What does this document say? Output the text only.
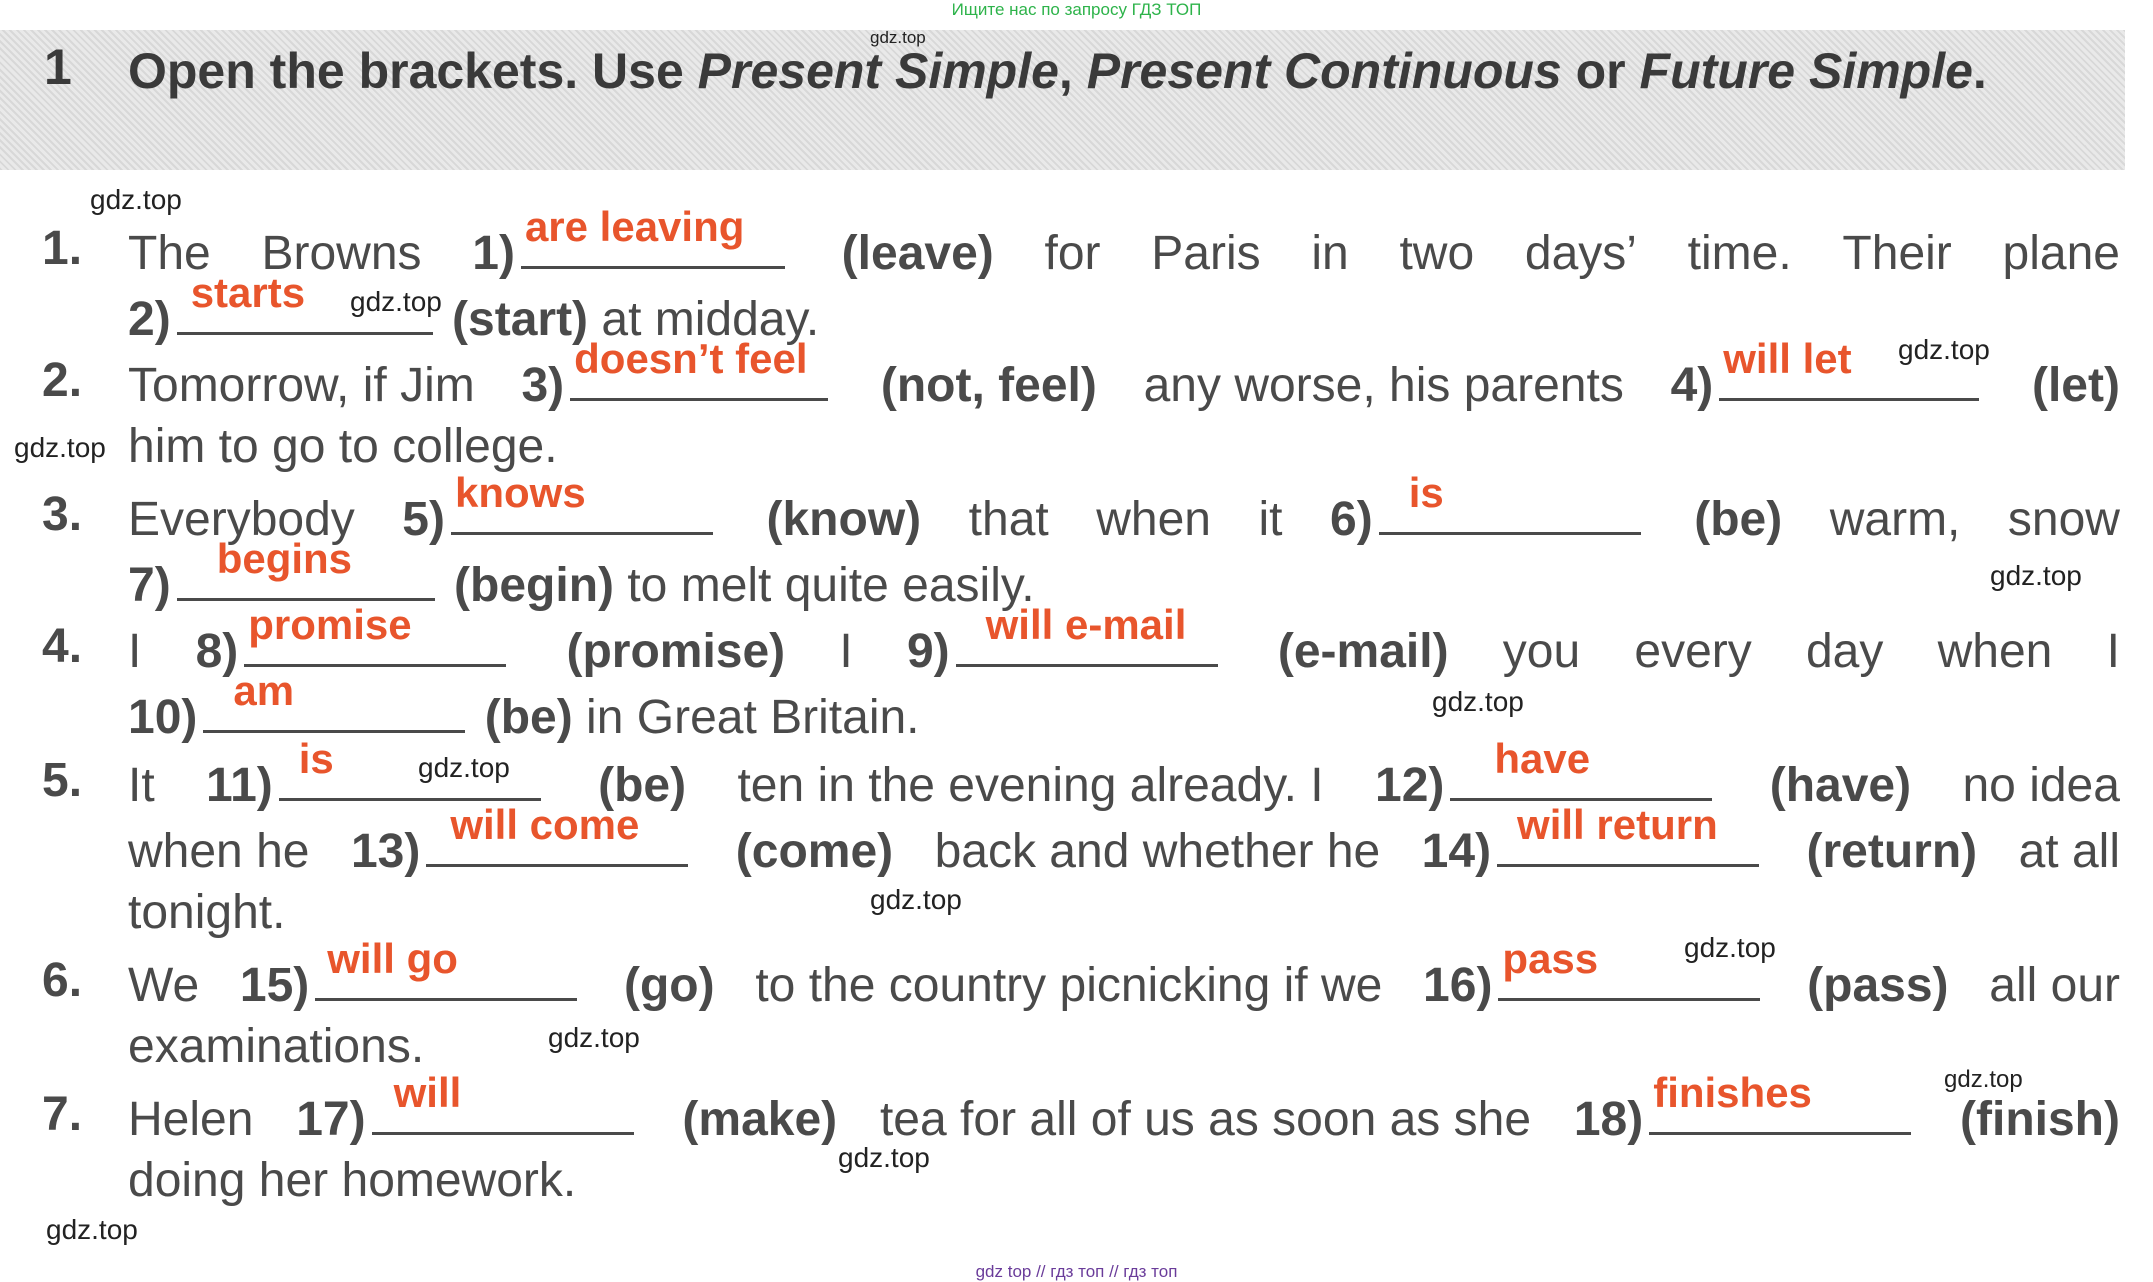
Ищите нас по запросу ГДЗ ТОП
1 Open the brackets. Use Present Simple, Present Continuous or Future Simple.
1. The Browns 1)
are leaving
(leave) for Paris in two days’ time. Their plane
2)
starts
(start) at midday.
2. Tomorrow, if Jim 3)
doesn’t feel
(not, feel) any worse, his parents 4)
will let
(let)
him to go to college.
3. Everybody 5)
knows
(know) that when it 6)
is
(be) warm, snow
7)
begins
(begin) to melt quite easily.
4. I 8)
promise
(promise) I 9)
will e-mail
(e-mail) you every day when I
10)
am
(be) in Great Britain.
5. It 11)
is
(be) ten in the evening already. I 12)
have
(have) no idea
when he 13)
will come
(come) back and whether he 14)
will return
(return) at all
tonight.
6. We 15)
will go
(go) to the country picnicking if we 16)
pass
(pass) all our
examinations.
7. Helen 17)
will
(make) tea for all of us as soon as she 18)
finishes
(finish)
doing her homework.
gdz.top
gdz.top
gdz.top
gdz.top
gdz.top
gdz.top
gdz.top
gdz.top
gdz.top
gdz.top
gdz.top
gdz.top
gdz.top
gdz.top
gdz top // гдз топ // гдз топ
